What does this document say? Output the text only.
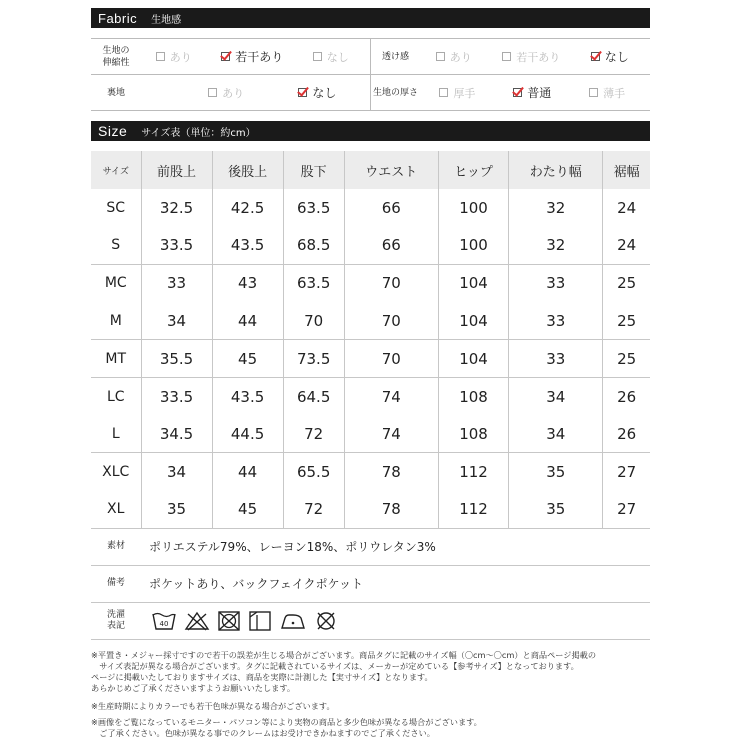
Fabric 生地感
生地の
伸縮性	あり	若干あり	なし	透け感	あり	若干あり	なし
裏地	あり	なし	生地の厚さ	厚手	普通	薄手
Size サイズ表（単位：約cm）
サイズ	前股上	後股上	股下	ウエスト	ヒップ	わたり幅	裾幅
SC	32.5	42.5	63.5	66	100	32	24
S	33.5	43.5	68.5	66	100	32	24
MC	33	43	63.5	70	104	33	25
M	34	44	70	70	104	33	25
MT	35.5	45	73.5	70	104	33	25
LC	33.5	43.5	64.5	74	108	34	26
L	34.5	44.5	72	74	108	34	26
XLC	34	44	65.5	78	112	35	27
XL	35	45	72	78	112	35	27
素材	ポリエステル79%、レーヨン18%、ポリウレタン3%
備考	ポケットあり、バックフェイクポケット
洗濯
表記	40

※平置き・メジャー採寸ですので若干の誤差が生じる場合がございます。商品タグに記載のサイズ幅（〇cm〜〇cm）と商品ページ掲載の
　サイズ表記が異なる場合がございます。タグに記載されているサイズは、メーカーが定めている【参考サイズ】となっております。
ページに掲載いたしておりますサイズは、商品を実際に計測した【実寸サイズ】となります。
あらかじめご了承くださいますようお願いいたします。

※生産時期によりカラーでも若干色味が異なる場合がございます。

※画像をご覧になっているモニター・パソコン等により実物の商品と多少色味が異なる場合がございます。
　ご了承ください。色味が異なる事でのクレームはお受けできかねますのでご了承ください。
